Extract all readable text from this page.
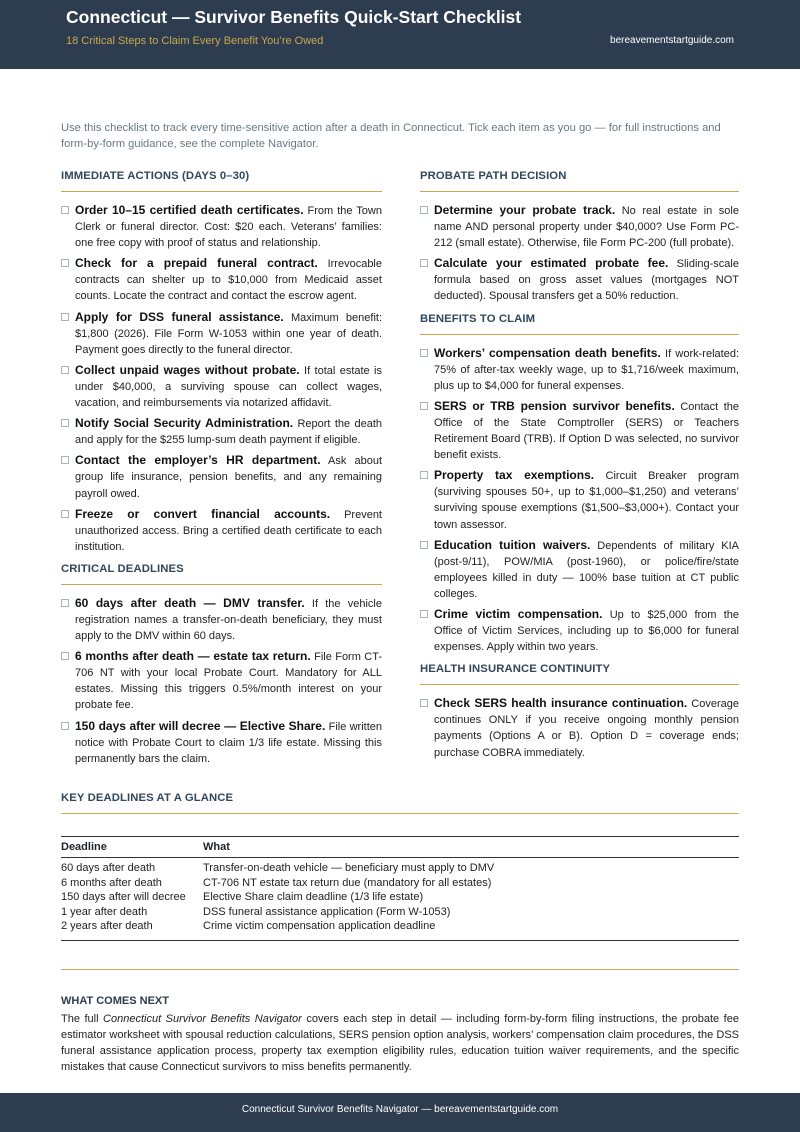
Connecticut — Survivor Benefits Quick-Start Checklist
18 Critical Steps to Claim Every Benefit You’re Owed	bereavementstartguide.com
Use this checklist to track every time-sensitive action after a death in Connecticut. Tick each item as you go — for full instructions and form-by-form guidance, see the complete Navigator.
IMMEDIATE ACTIONS (DAYS 0–30)
Order 10–15 certified death certificates. From the Town Clerk or funeral director. Cost: $20 each. Veterans’ families: one free copy with proof of status and relationship.
Check for a prepaid funeral contract. Irrevocable contracts can shelter up to $10,000 from Medicaid asset counts. Locate the contract and contact the escrow agent.
Apply for DSS funeral assistance. Maximum benefit: $1,800 (2026). File Form W-1053 within one year of death. Payment goes directly to the funeral director.
Collect unpaid wages without probate. If total estate is under $40,000, a surviving spouse can collect wages, vacation, and reimbursements via notarized affidavit.
Notify Social Security Administration. Report the death and apply for the $255 lump-sum death payment if eligible.
Contact the employer’s HR department. Ask about group life insurance, pension benefits, and any remaining payroll owed.
Freeze or convert financial accounts. Prevent unauthorized access. Bring a certified death certificate to each institution.
CRITICAL DEADLINES
60 days after death — DMV transfer. If the vehicle registration names a transfer-on-death beneficiary, they must apply to the DMV within 60 days.
6 months after death — estate tax return. File Form CT-706 NT with your local Probate Court. Mandatory for ALL estates. Missing this triggers 0.5%/month interest on your probate fee.
150 days after will decree — Elective Share. File written notice with Probate Court to claim 1/3 life estate. Missing this permanently bars the claim.
PROBATE PATH DECISION
Determine your probate track. No real estate in sole name AND personal property under $40,000? Use Form PC-212 (small estate). Otherwise, file Form PC-200 (full probate).
Calculate your estimated probate fee. Sliding-scale formula based on gross asset values (mortgages NOT deducted). Spousal transfers get a 50% reduction.
BENEFITS TO CLAIM
Workers’ compensation death benefits. If work-related: 75% of after-tax weekly wage, up to $1,716/week maximum, plus up to $4,000 for funeral expenses.
SERS or TRB pension survivor benefits. Contact the Office of the State Comptroller (SERS) or Teachers Retirement Board (TRB). If Option D was selected, no survivor benefit exists.
Property tax exemptions. Circuit Breaker program (surviving spouses 50+, up to $1,000–$1,250) and veterans’ surviving spouse exemptions ($1,500–$3,000+). Contact your town assessor.
Education tuition waivers. Dependents of military KIA (post-9/11), POW/MIA (post-1960), or police/fire/state employees killed in duty — 100% base tuition at CT public colleges.
Crime victim compensation. Up to $25,000 from the Office of Victim Services, including up to $6,000 for funeral expenses. Apply within two years.
HEALTH INSURANCE CONTINUITY
Check SERS health insurance continuation. Coverage continues ONLY if you receive ongoing monthly pension payments (Options A or B). Option D = coverage ends; purchase COBRA immediately.
KEY DEADLINES AT A GLANCE
Deadline	What
60 days after death	Transfer-on-death vehicle — beneficiary must apply to DMV
6 months after death	CT-706 NT estate tax return due (mandatory for all estates)
150 days after will decree	Elective Share claim deadline (1/3 life estate)
1 year after death	DSS funeral assistance application (Form W-1053)
2 years after death	Crime victim compensation application deadline
WHAT COMES NEXT

The full Connecticut Survivor Benefits Navigator covers each step in detail — including form-by-form filing instructions, the probate fee estimator worksheet with spousal reduction calculations, SERS pension option analysis, workers’ compensation claim procedures, the DSS funeral assistance application process, property tax exemption eligibility rules, education tuition waiver requirements, and the specific mistakes that cause Connecticut survivors to miss benefits permanently.

Connecticut Survivor Benefits Navigator — bereavementstartguide.com
